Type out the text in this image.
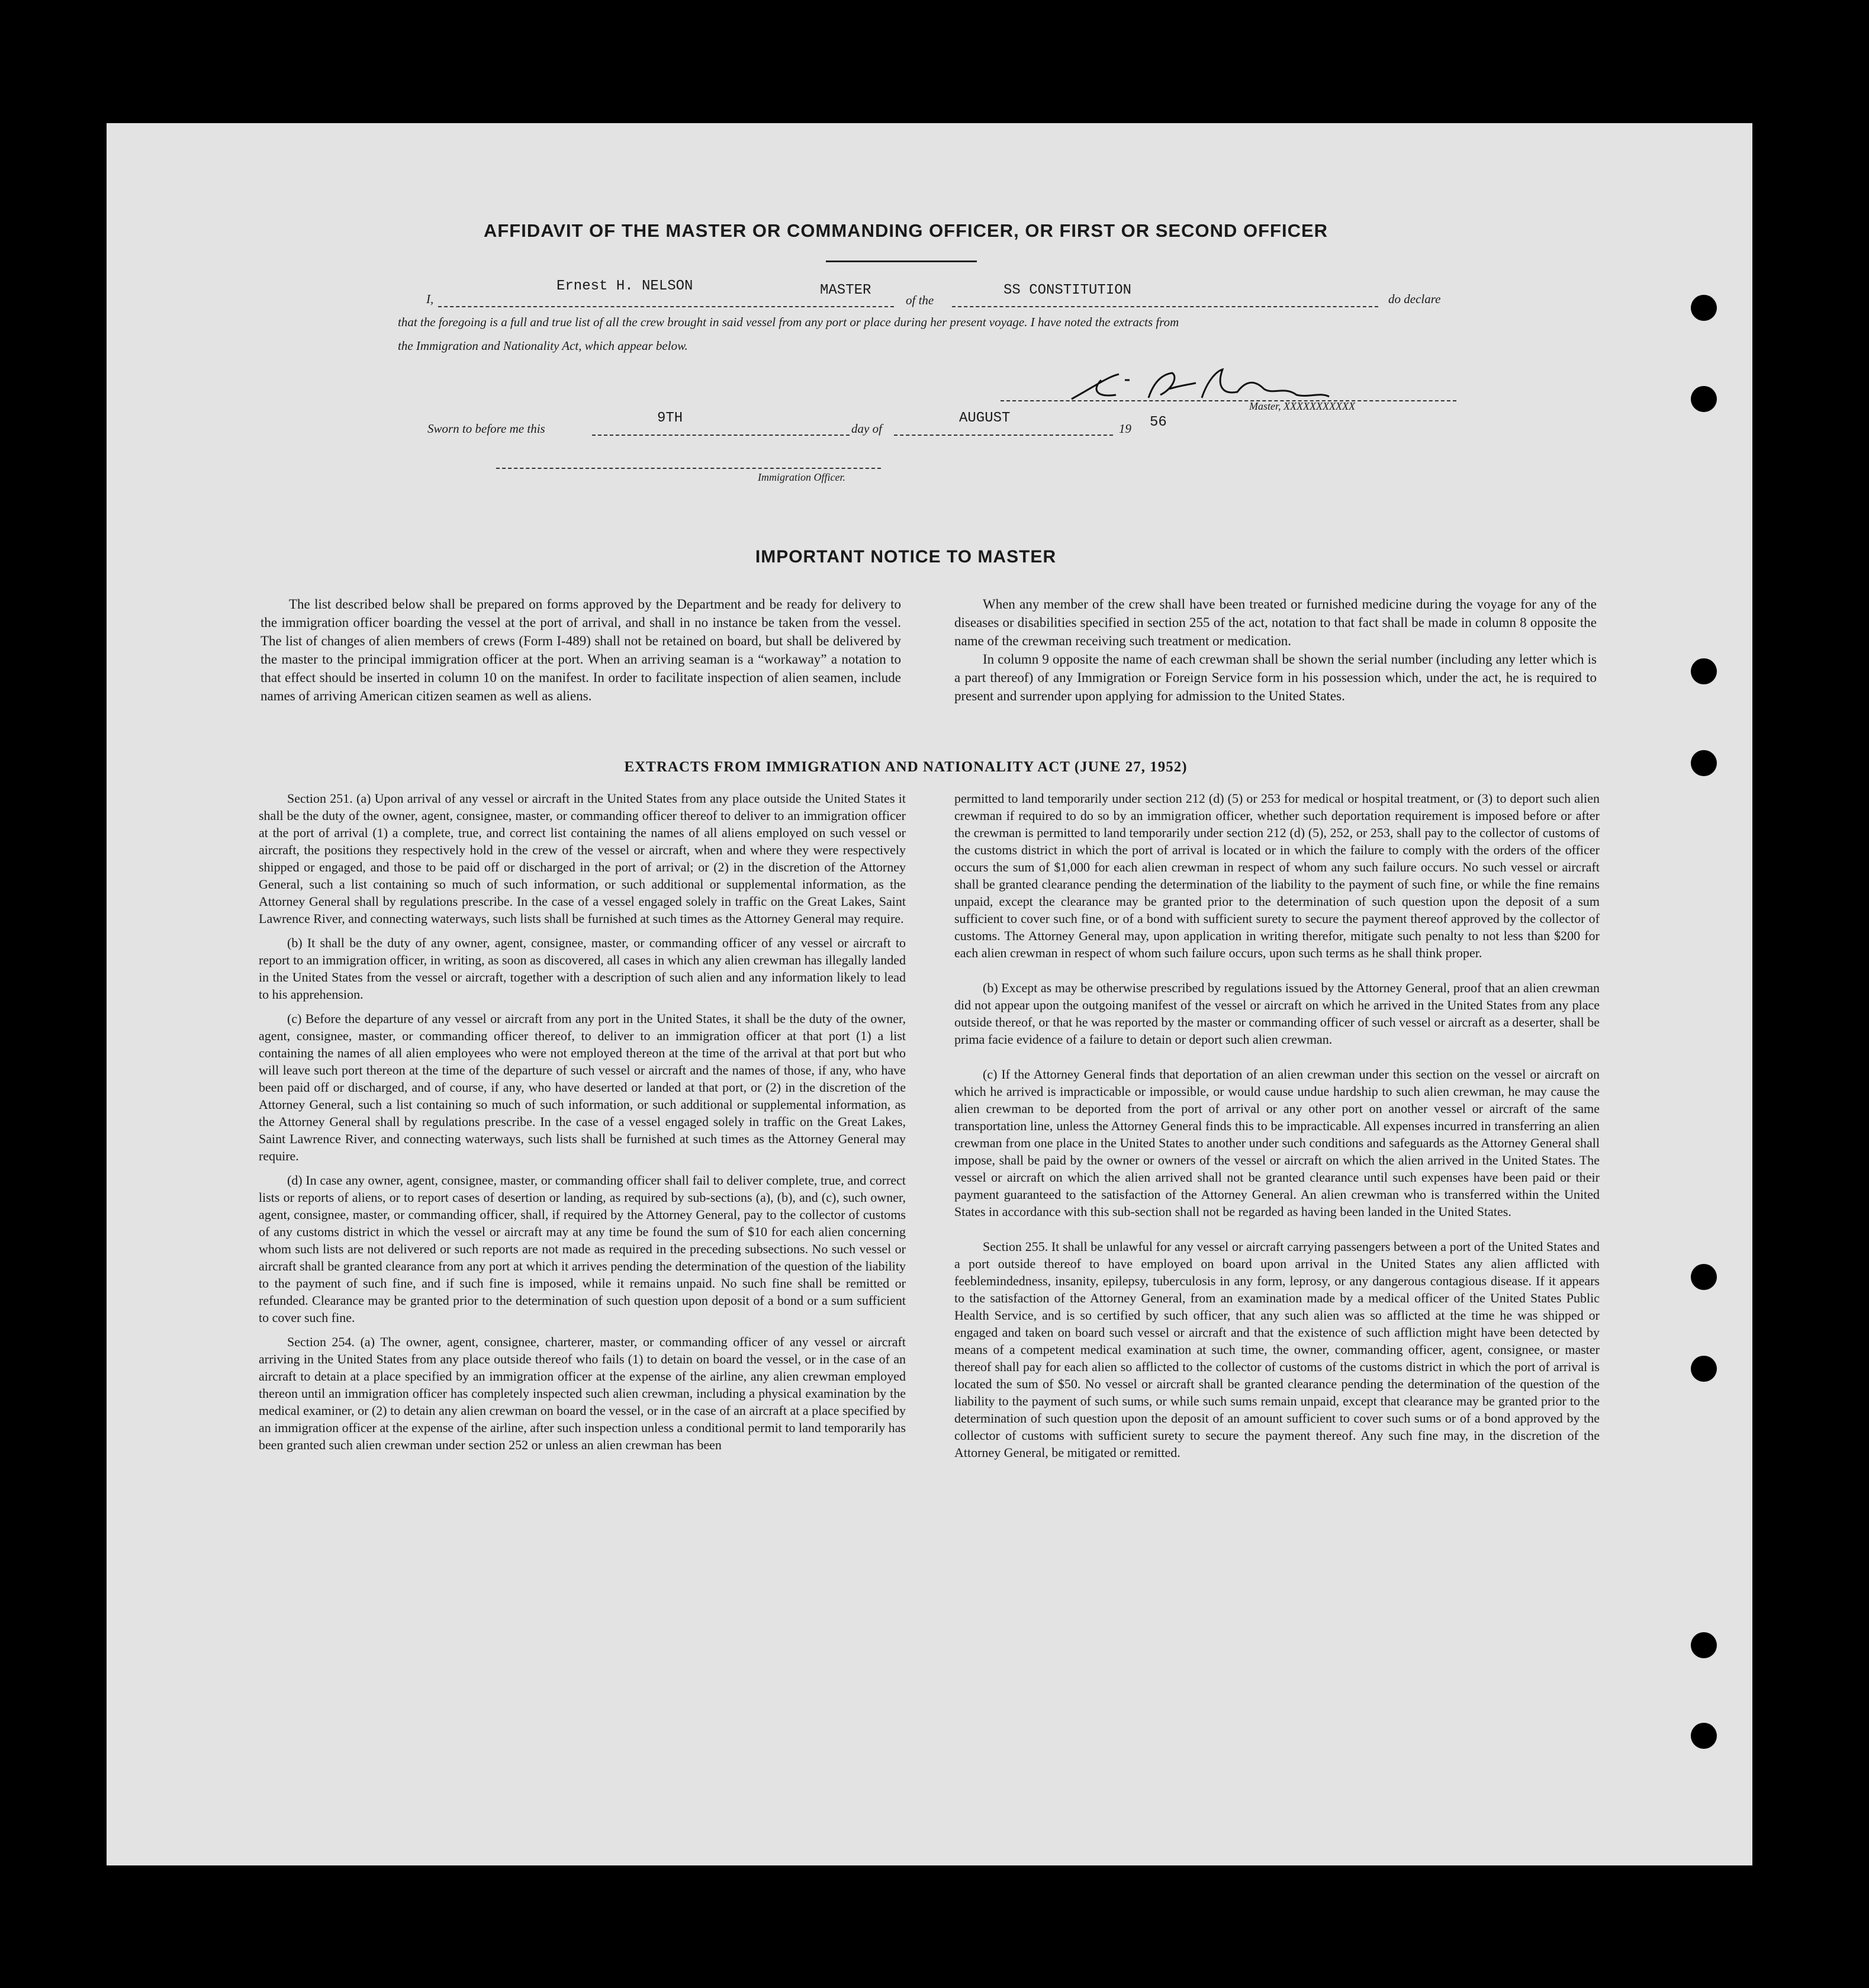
AFFIDAVIT OF THE MASTER OR COMMANDING OFFICER, OR FIRST OR SECOND OFFICER
I,
Ernest H. NELSON	MASTER
of the
SS CONSTITUTION
do declare
that the foregoing is a full and true list of all the crew brought in said vessel from any port or place during her present voyage. I have noted the extracts from
the Immigration and Nationality Act, which appear below.
Master, XXXXXXXXXXX
Sworn to before me this
9TH
day of
AUGUST
19 56
Immigration Officer.
IMPORTANT NOTICE TO MASTER

The list described below shall be prepared on forms approved by the Department and be ready for delivery to the immigration officer boarding the vessel at the port of arrival, and shall in no instance be taken from the vessel. The list of changes of alien members of crews (Form I-489) shall not be retained on board, but shall be delivered by the master to the principal immigration officer at the port. When an arriving seaman is a “workaway” a notation to that effect should be inserted in column 10 on the manifest. In order to facilitate inspection of alien seamen, include names of arriving American citizen seamen as well as aliens.

When any member of the crew shall have been treated or furnished medicine during the voyage for any of the diseases or disabilities specified in section 255 of the act, notation to that fact shall be made in column 8 opposite the name of the crewman receiving such treatment or medication.

In column 9 opposite the name of each crewman shall be shown the serial number (including any letter which is a part thereof) of any Immigration or Foreign Service form in his possession which, under the act, he is required to present and surrender upon applying for admission to the United States.

EXTRACTS FROM IMMIGRATION AND NATIONALITY ACT (JUNE 27, 1952)

Section 251. (a) Upon arrival of any vessel or aircraft in the United States from any place outside the United States it shall be the duty of the owner, agent, consignee, master, or commanding officer thereof to deliver to an immigration officer at the port of arrival (1) a complete, true, and correct list containing the names of all aliens employed on such vessel or aircraft, the positions they respectively hold in the crew of the vessel or aircraft, when and where they were respectively shipped or engaged, and those to be paid off or discharged in the port of arrival; or (2) in the discretion of the Attorney General, such a list containing so much of such information, or such additional or supplemental information, as the Attorney General shall by regulations prescribe. In the case of a vessel engaged solely in traffic on the Great Lakes, Saint Lawrence River, and connecting waterways, such lists shall be furnished at such times as the Attorney General may require.

(b) It shall be the duty of any owner, agent, consignee, master, or commanding officer of any vessel or aircraft to report to an immigration officer, in writing, as soon as discovered, all cases in which any alien crewman has illegally landed in the United States from the vessel or aircraft, together with a description of such alien and any information likely to lead to his apprehension.

(c) Before the departure of any vessel or aircraft from any port in the United States, it shall be the duty of the owner, agent, consignee, master, or commanding officer thereof, to deliver to an immigration officer at that port (1) a list containing the names of all alien employees who were not employed thereon at the time of the arrival at that port but who will leave such port thereon at the time of the departure of such vessel or aircraft and the names of those, if any, who have been paid off or discharged, and of course, if any, who have deserted or landed at that port, or (2) in the discretion of the Attorney General, such a list containing so much of such information, or such additional or supplemental information, as the Attorney General shall by regulations prescribe. In the case of a vessel engaged solely in traffic on the Great Lakes, Saint Lawrence River, and connecting waterways, such lists shall be furnished at such times as the Attorney General may require.

(d) In case any owner, agent, consignee, master, or commanding officer shall fail to deliver complete, true, and correct lists or reports of aliens, or to report cases of desertion or landing, as required by sub-sections (a), (b), and (c), such owner, agent, consignee, master, or commanding officer, shall, if required by the Attorney General, pay to the collector of customs of any customs district in which the vessel or aircraft may at any time be found the sum of $10 for each alien concerning whom such lists are not delivered or such reports are not made as required in the preceding subsections. No such vessel or aircraft shall be granted clearance from any port at which it arrives pending the determination of the question of the liability to the payment of such fine, and if such fine is imposed, while it remains unpaid. No such fine shall be remitted or refunded. Clearance may be granted prior to the determination of such question upon deposit of a bond or a sum sufficient to cover such fine.

Section 254. (a) The owner, agent, consignee, charterer, master, or commanding officer of any vessel or aircraft arriving in the United States from any place outside thereof who fails (1) to detain on board the vessel, or in the case of an aircraft to detain at a place specified by an immigration officer at the expense of the airline, any alien crewman employed thereon until an immigration officer has completely inspected such alien crewman, including a physical examination by the medical examiner, or (2) to detain any alien crewman on board the vessel, or in the case of an aircraft at a place specified by an immigration officer at the expense of the airline, after such inspection unless a conditional permit to land temporarily has been granted such alien crewman under section 252 or unless an alien crewman has been

permitted to land temporarily under section 212 (d) (5) or 253 for medical or hospital treatment, or (3) to deport such alien crewman if required to do so by an immigration officer, whether such deportation requirement is imposed before or after the crewman is permitted to land temporarily under section 212 (d) (5), 252, or 253, shall pay to the collector of customs of the customs district in which the port of arrival is located or in which the failure to comply with the orders of the officer occurs the sum of $1,000 for each alien crewman in respect of whom any such failure occurs. No such vessel or aircraft shall be granted clearance pending the determination of the liability to the payment of such fine, or while the fine remains unpaid, except the clearance may be granted prior to the determination of such question upon the deposit of a sum sufficient to cover such fine, or of a bond with sufficient surety to secure the payment thereof approved by the collector of customs. The Attorney General may, upon application in writing therefor, mitigate such penalty to not less than $200 for each alien crewman in respect of whom such failure occurs, upon such terms as he shall think proper.

(b) Except as may be otherwise prescribed by regulations issued by the Attorney General, proof that an alien crewman did not appear upon the outgoing manifest of the vessel or aircraft on which he arrived in the United States from any place outside thereof, or that he was reported by the master or commanding officer of such vessel or aircraft as a deserter, shall be prima facie evidence of a failure to detain or deport such alien crewman.

(c) If the Attorney General finds that deportation of an alien crewman under this section on the vessel or aircraft on which he arrived is impracticable or impossible, or would cause undue hardship to such alien crewman, he may cause the alien crewman to be deported from the port of arrival or any other port on another vessel or aircraft of the same transportation line, unless the Attorney General finds this to be impracticable. All expenses incurred in transferring an alien crewman from one place in the United States to another under such conditions and safeguards as the Attorney General shall impose, shall be paid by the owner or owners of the vessel or aircraft on which the alien arrived in the United States. The vessel or aircraft on which the alien arrived shall not be granted clearance until such expenses have been paid or their payment guaranteed to the satisfaction of the Attorney General. An alien crewman who is transferred within the United States in accordance with this sub-section shall not be regarded as having been landed in the United States.

Section 255. It shall be unlawful for any vessel or aircraft carrying passengers between a port of the United States and a port outside thereof to have employed on board upon arrival in the United States any alien afflicted with feeblemindedness, insanity, epilepsy, tuberculosis in any form, leprosy, or any dangerous contagious disease. If it appears to the satisfaction of the Attorney General, from an examination made by a medical officer of the United States Public Health Service, and is so certified by such officer, that any such alien was so afflicted at the time he was shipped or engaged and taken on board such vessel or aircraft and that the existence of such affliction might have been detected by means of a competent medical examination at such time, the owner, commanding officer, agent, consignee, or master thereof shall pay for each alien so afflicted to the collector of customs of the customs district in which the port of arrival is located the sum of $50. No vessel or aircraft shall be granted clearance pending the determination of the question of the liability to the payment of such sums, or while such sums remain unpaid, except that clearance may be granted prior to the determination of such question upon the deposit of an amount sufficient to cover such sums or of a bond approved by the collector of customs with sufficient surety to secure the payment thereof. Any such fine may, in the discretion of the Attorney General, be mitigated or remitted.
